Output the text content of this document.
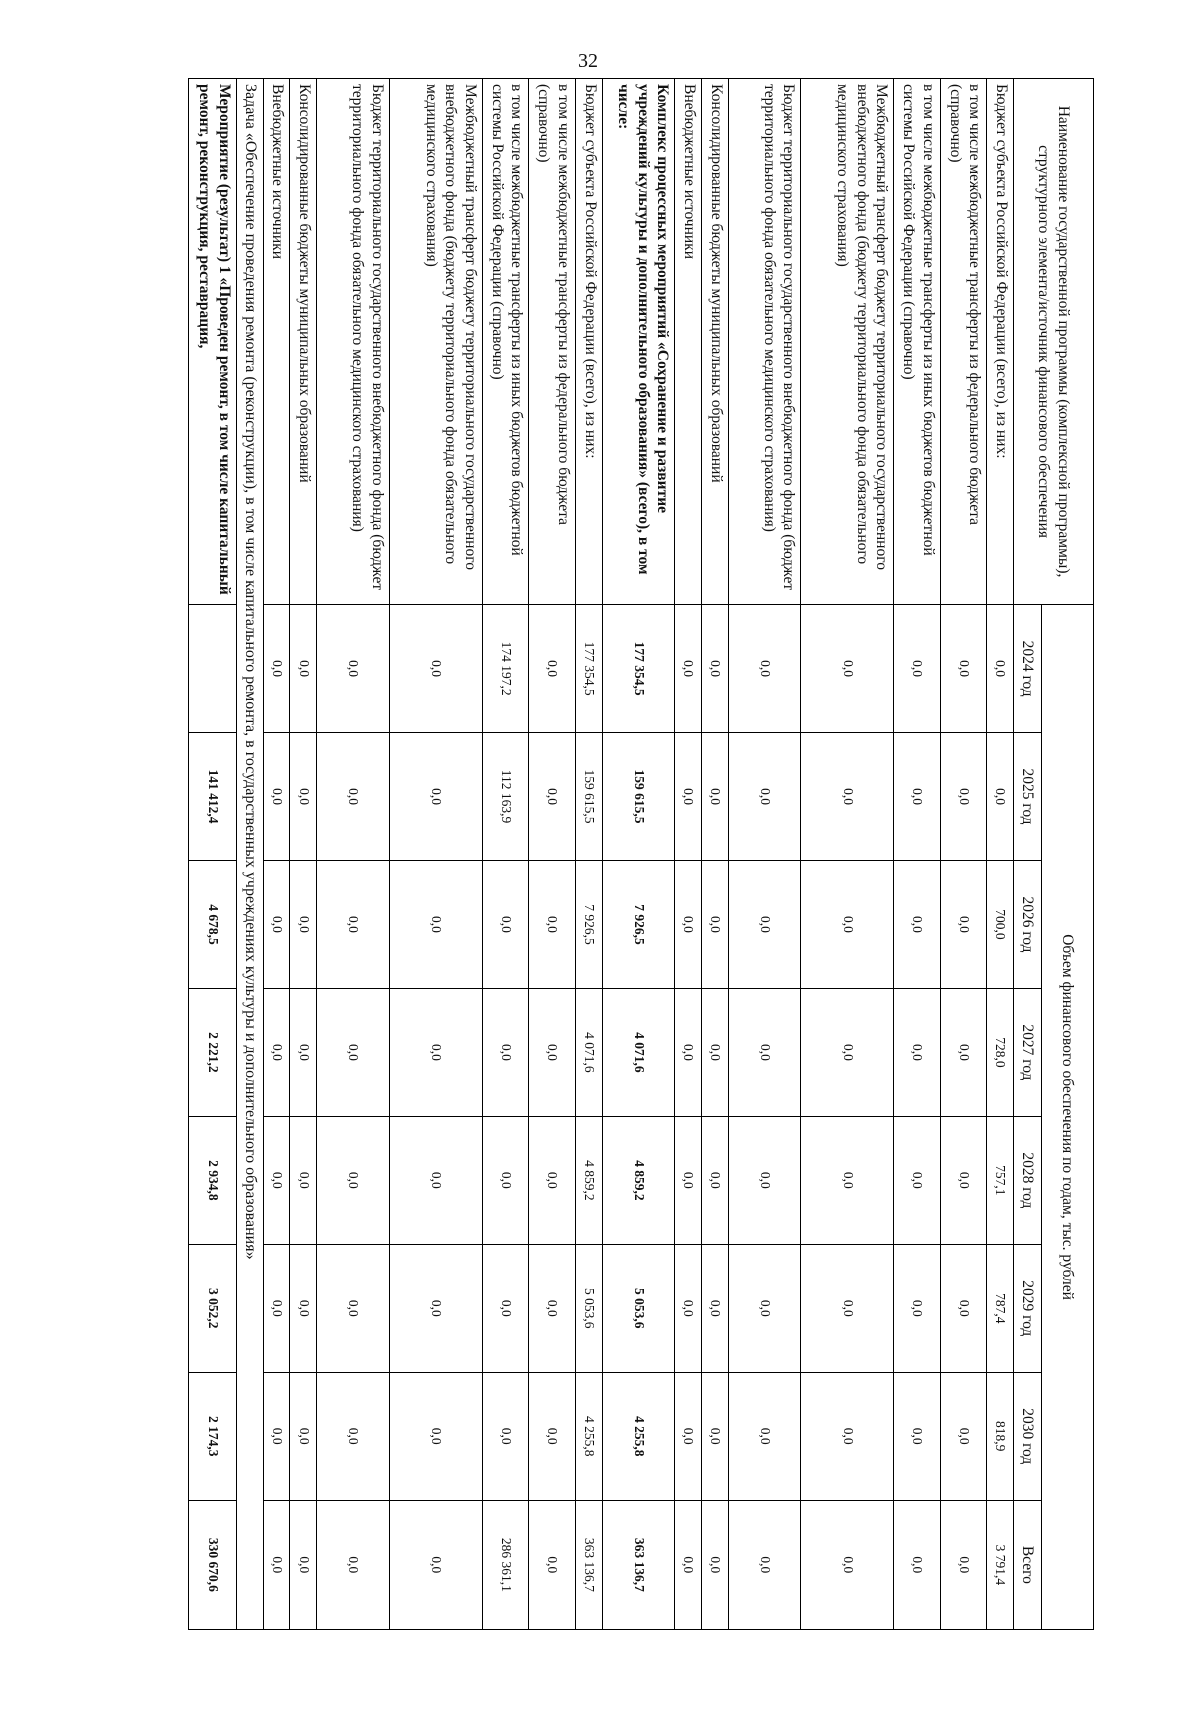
32
Наименование государственной программы (комплексной программы), структурного элемента/источник финансового обеспечения	Объем финансового обеспечения по годам, тыс. рублей							
	2024 год	2025 год	2026 год	2027 год	2028 год	2029 год	2030 год	Всего
Бюджет субъекта Российской Федерации (всего), из них:	0,0	0,0	700,0	728,0	757,1	787,4	818,9	3 791,4
в том числе межбюджетные трансферты из федерального бюджета (справочно)	0,0	0,0	0,0	0,0	0,0	0,0	0,0	0,0
в том числе межбюджетные трансферты из иных бюджетов бюджетной системы Российской Федерации (справочно)	0,0	0,0	0,0	0,0	0,0	0,0	0,0	0,0
Межбюджетный трансферт бюджету территориального государственного внебюджетного фонда (бюджету территориального фонда обязательного медицинского страхования)	0,0	0,0	0,0	0,0	0,0	0,0	0,0	0,0
Бюджет территориального государственного внебюджетного фонда (бюджет территориального фонда обязательного медицинского страхования)	0,0	0,0	0,0	0,0	0,0	0,0	0,0	0,0
Консолидированные бюджеты муниципальных образований	0,0	0,0	0,0	0,0	0,0	0,0	0,0	0,0
Внебюджетные источники	0,0	0,0	0,0	0,0	0,0	0,0	0,0	0,0
Комплекс процессных мероприятий «Сохранение и развитие учреждений культуры и дополнительного образования» (всего), в том числе:	177 354,5	159 615,5	7 926,5	4 071,6	4 859,2	5 053,6	4 255,8	363 136,7
Бюджет субъекта Российской Федерации (всего), из них:	177 354,5	159 615,5	7 926,5	4 071,6	4 859,2	5 053,6	4 255,8	363 136,7
в том числе межбюджетные трансферты из федерального бюджета (справочно)	0,0	0,0	0,0	0,0	0,0	0,0	0,0	0,0
в том числе межбюджетные трансферты из иных бюджетов бюджетной системы Российской Федерации (справочно)	174 197,2	112 163,9	0,0	0,0	0,0	0,0	0,0	286 361,1
Межбюджетный трансферт бюджету территориального государственного внебюджетного фонда (бюджету территориального фонда обязательного медицинского страхования)	0,0	0,0	0,0	0,0	0,0	0,0	0,0	0,0
Бюджет территориального государственного внебюджетного фонда (бюджет территориального фонда обязательного медицинского страхования)	0,0	0,0	0,0	0,0	0,0	0,0	0,0	0,0
Консолидированные бюджеты муниципальных образований	0,0	0,0	0,0	0,0	0,0	0,0	0,0	0,0
Внебюджетные источники	0,0	0,0	0,0	0,0	0,0	0,0	0,0	0,0
Задача «Обеспечение проведения ремонта (реконструкции), в том числе капитального ремонта, в государственных учреждениях культуры и дополнительного образования»								
Мероприятие (результат) 1 «Проведен ремонт, в том числе капитальный ремонт, реконструкция, реставрация,		141 412,4	4 678,5	2 221,2	2 934,8	3 052,2	2 174,3	330 670,6
